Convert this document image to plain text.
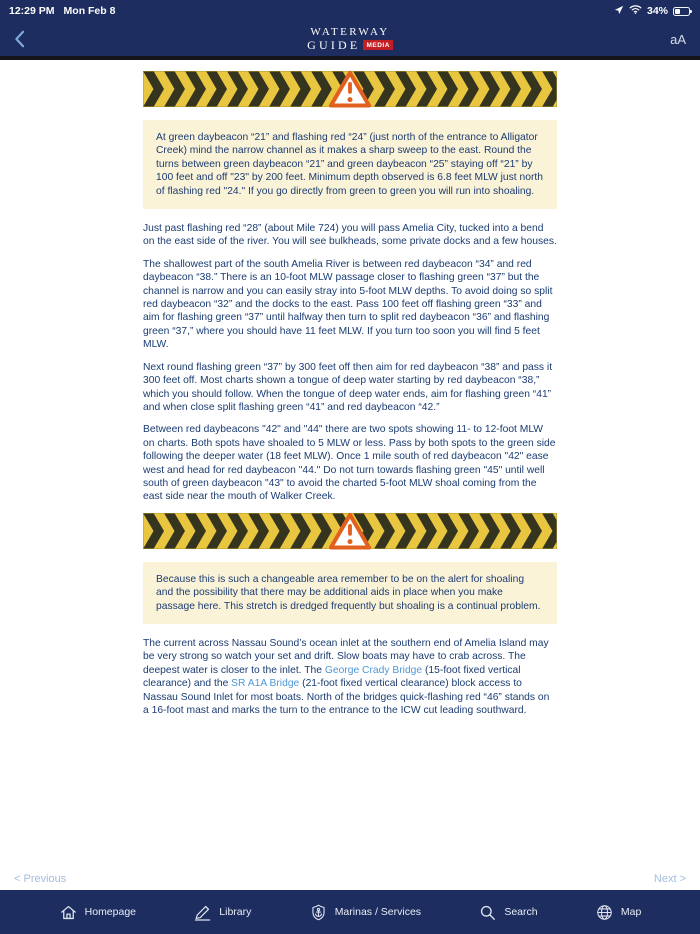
12:29 PM Mon Feb 8	34%
WATERWAY
GUIDE MEDIA	aA
At green daybeacon “21” and flashing red “24” (just north of the entrance to Alligator Creek) mind the narrow channel as it makes a sharp sweep to the east. Round the turns between green daybeacon “21” and green daybeacon “25” staying off “21” by 100 feet and off "23" by 200 feet. Minimum depth observed is 6.8 feet MLW just north of flashing red "24." If you go directly from green to green you will run into shoaling.

Just past flashing red “28” (about Mile 724) you will pass Amelia City, tucked into a bend on the east side of the river. You will see bulkheads, some private docks and a few houses.

The shallowest part of the south Amelia River is between red daybeacon “34” and red daybeacon “38.” There is an 10-foot MLW passage closer to flashing green “37” but the channel is narrow and you can easily stray into 5-foot MLW depths. To avoid doing so split red daybeacon “32” and the docks to the east. Pass 100 feet off flashing green “33” and aim for flashing green “37” until halfway then turn to split red daybeacon “36” and flashing green “37,” where you should have 11 feet MLW. If you turn too soon you will find 5 feet MLW.

Next round flashing green “37” by 300 feet off then aim for red daybeacon “38” and pass it 300 feet off. Most charts shown a tongue of deep water starting by red daybeacon “38,” which you should follow. When the tongue of deep water ends, aim for flashing green “41” and when close split flashing green “41” and red daybeacon “42.”

Between red daybeacons "42" and "44" there are two spots showing 11- to 12-foot MLW on charts. Both spots have shoaled to 5 MLW or less. Pass by both spots to the green side following the deeper water (18 feet MLW). Once 1 mile south of red daybeacon "42" ease west and head for red daybeacon "44." Do not turn towards flashing green "45" until well south of green daybeacon "43" to avoid the charted 5-foot MLW shoal coming from the east side near the mouth of Walker Creek.

Because this is such a changeable area remember to be on the alert for shoaling and the possibility that there may be additional aids in place when you make passage here. This stretch is dredged frequently but shoaling is a continual problem.

The current across Nassau Sound’s ocean inlet at the southern end of Amelia Island may be very strong so watch your set and drift. Slow boats may have to crab across. The deepest water is closer to the inlet. The George Crady Bridge (15-foot fixed vertical clearance) and the SR A1A Bridge (21-foot fixed vertical clearance) block access to Nassau Sound Inlet for most boats. North of the bridges quick-flashing red “46” stands on a 16-foot mast and marks the turn to the entrance to the ICW cut leading southward.

< Previous	Next >
Homepage	Library	Marinas / Services	Search	Map
